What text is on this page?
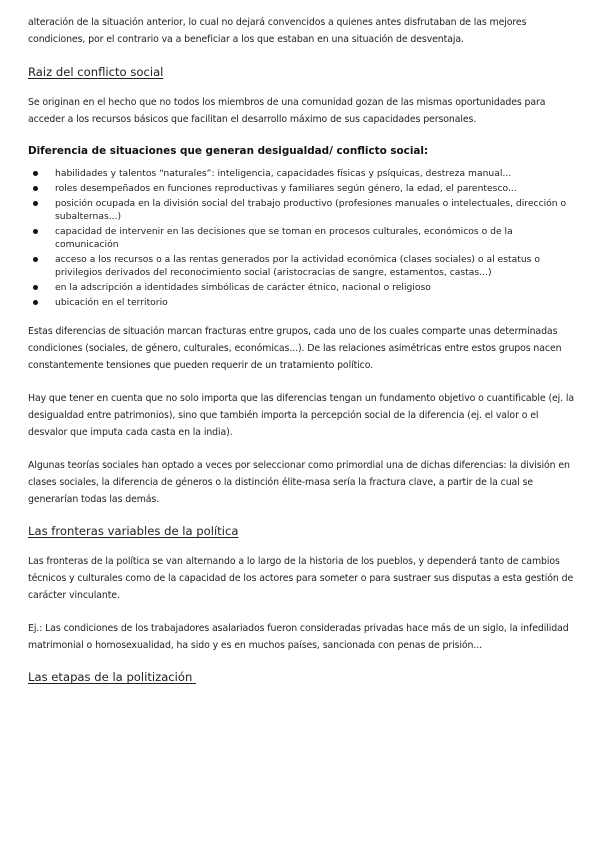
alteración de la situación anterior, lo cual no dejará convencidos a quienes antes disfrutaban de las mejores condiciones, por el contrario va a beneficiar a los que estaban en una situación de desventaja.

Raiz del conflicto social

Se originan en el hecho que no todos los miembros de una comunidad gozan de las mismas oportunidades para acceder a los recursos básicos que facilitan el desarrollo máximo de sus capacidades personales.

Diferencia de situaciones que generan desigualdad/ conflicto social:
habilidades y talentos “naturales”: inteligencia, capacidades físicas y psíquicas, destreza manual...
roles desempeñados en funciones reproductivas y familiares según género, la edad, el parentesco...
posición ocupada en la división social del trabajo productivo (profesiones manuales o intelectuales, dirección o subalternas...)
capacidad de intervenir en las decisiones que se toman en procesos culturales, económicos o de la comunicación
acceso a los recursos o a las rentas generados por la actividad económica (clases sociales) o al estatus o privilegios derivados del reconocimiento social (aristocracias de sangre, estamentos, castas...)
en la adscripción a identidades simbólicas de carácter étnico, nacional o religioso
ubicación en el territorio

Estas diferencias de situación marcan fracturas entre grupos, cada uno de los cuales comparte unas determinadas condiciones (sociales, de género, culturales, económicas...). De las relaciones asimétricas entre estos grupos nacen constantemente tensiones que pueden requerir de un tratamiento político.

Hay que tener en cuenta que no solo importa que las diferencias tengan un fundamento objetivo o cuantificable (ej. la desigualdad entre patrimonios), sino que también importa la percepción social de la diferencia (ej. el valor o el desvalor que imputa cada casta en la india).

Algunas teorías sociales han optado a veces por seleccionar como primordial una de dichas diferencias: la división en clases sociales, la diferencia de géneros o la distinción élite-masa sería la fractura clave, a partir de la cual se generarían todas las demás.

Las fronteras variables de la política

Las fronteras de la política se van alternando a lo largo de la historia de los pueblos, y dependerá tanto de cambios técnicos y culturales como de la capacidad de los actores para someter o para sustraer sus disputas a esta gestión de carácter vinculante.

Ej.: Las condiciones de los trabajadores asalariados fueron consideradas privadas hace más de un siglo, la infedilidad matrimonial o homosexualidad, ha sido y es en muchos países, sancionada con penas de prisión...

Las etapas de la politización
